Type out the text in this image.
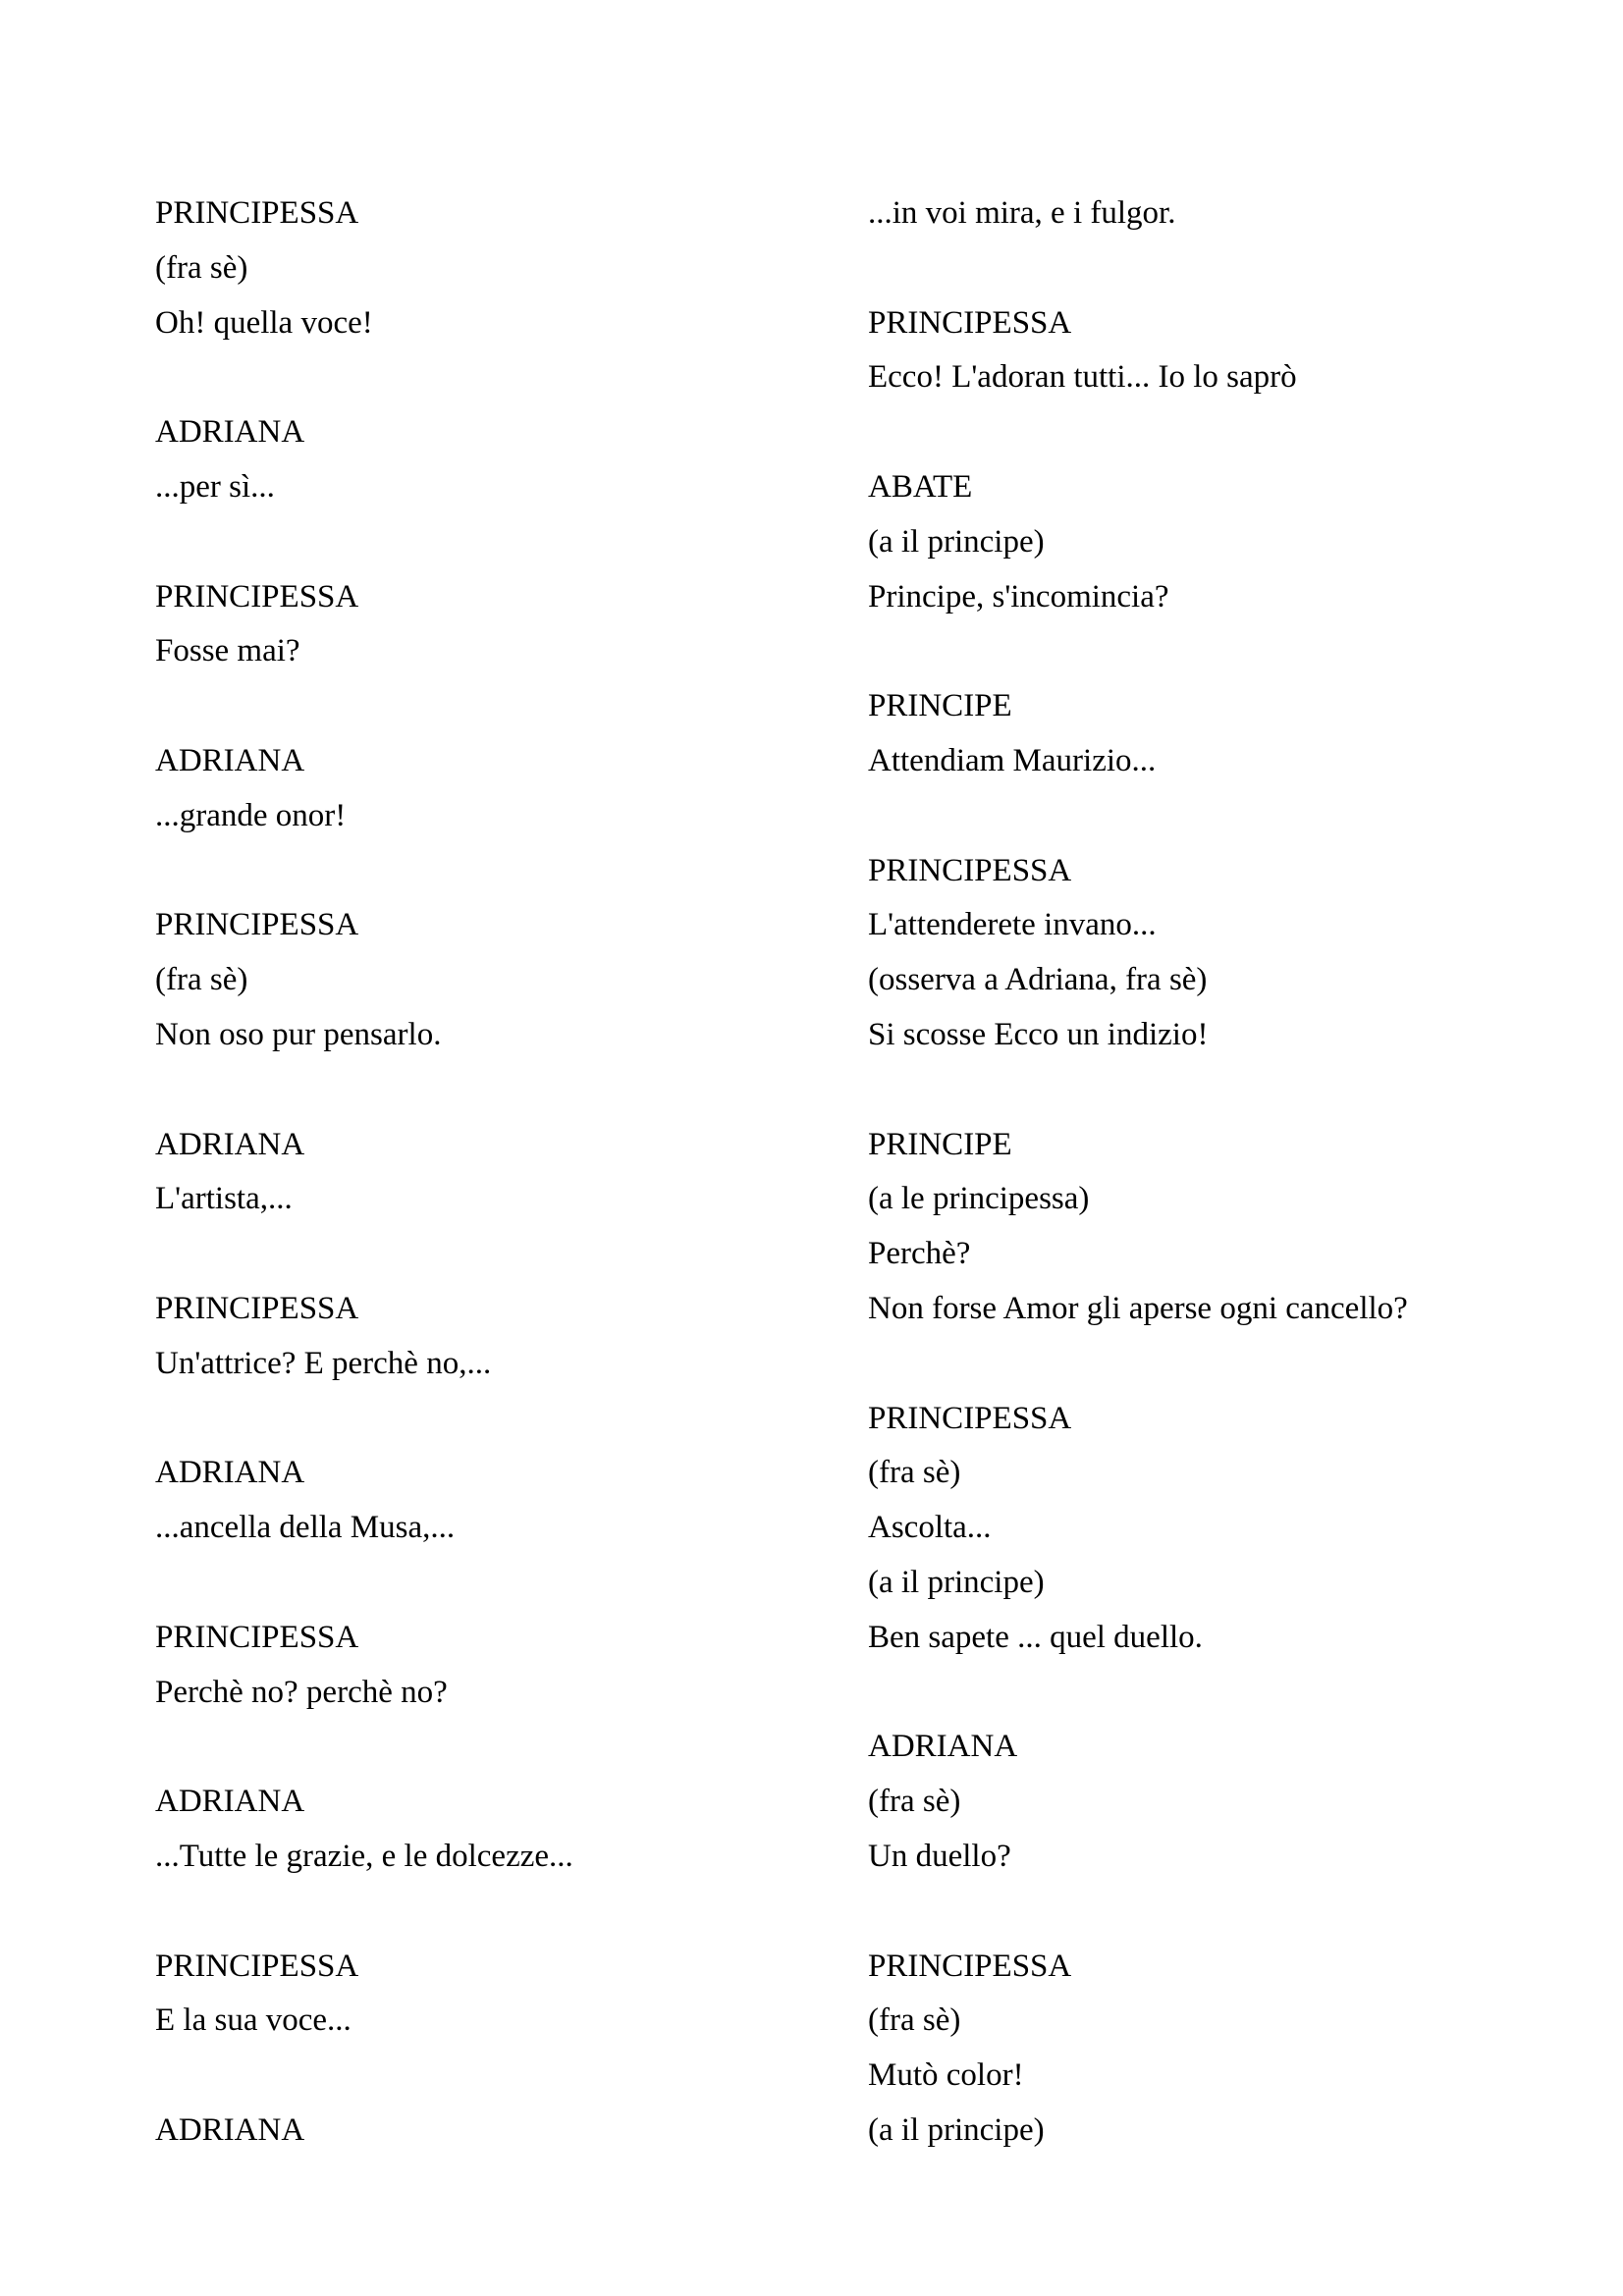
PRINCIPESSA
(fra sè)
Oh! quella voce!
ADRIANA
...per sì...
PRINCIPESSA
Fosse mai?
ADRIANA
...grande onor!
PRINCIPESSA
(fra sè)
Non oso pur pensarlo.
ADRIANA
L'artista,...
PRINCIPESSA
Un'attrice? E perchè no,...
ADRIANA
...ancella della Musa,...
PRINCIPESSA
Perchè no? perchè no?
ADRIANA
...Tutte le grazie, e le dolcezze...
PRINCIPESSA
E la sua voce...
ADRIANA
...in voi mira, e i fulgor.
PRINCIPESSA
Ecco! L'adoran tutti... Io lo saprò
ABATE
(a il principe)
Principe, s'incomincia?
PRINCIPE
Attendiam Maurizio...
PRINCIPESSA
L'attenderete invano...
(osserva a Adriana, fra sè)
Si scosse Ecco un indizio!
PRINCIPE
(a le principessa)
Perchè?
Non forse Amor gli aperse ogni cancello?
PRINCIPESSA
(fra sè)
Ascolta...
(a il principe)
Ben sapete ... quel duello.
ADRIANA
(fra sè)
Un duello?
PRINCIPESSA
(fra sè)
Mutò color!
(a il principe)
